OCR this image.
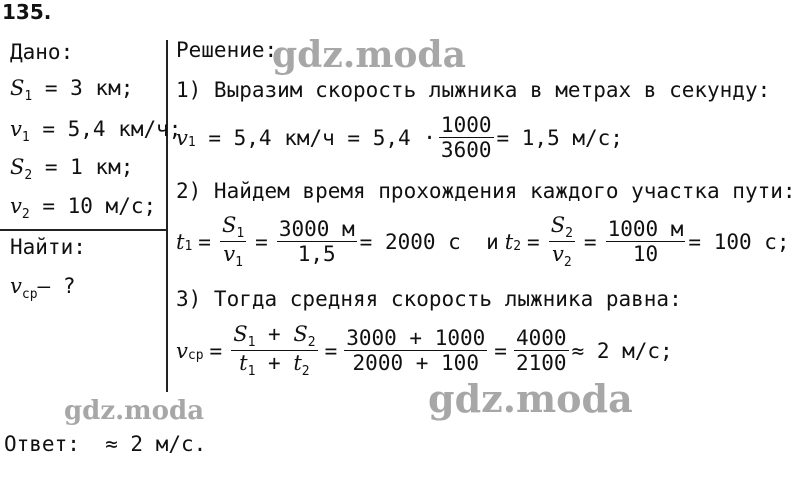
135.
Дано:
$S_1 = 3$ км;
$v_1 = 5,4$ км/ч;
$S_2 = 1$ км;
$v_2 = 10$ м/с;
Найти:
$v_{ср}-$ ?
Решение:
1) Выразим скорость лыжника в метрах в секунду:
v 1 = 5,4 $км/ч = 5,4 \cdot \frac{1000}{3600} = 1,5$ м/с;
2) Найдем время прохождения каждого участка пути:
t $1 = \frac{S_1}{v_1} = \frac{3000 м}{1,5} = 2000$ с  и t $2 = \frac{S_2}{v_2} = \frac{1000 м}{10} = 100$ с;
3) Тогда средняя скорость лыжника равна:
v ср = $\frac{S_1 + S_2}{t_1 + t_2} = \frac{3000 + 1000}{2000 + 100} = \frac{4000}{2100} \approx 2$ м/с;
Ответ:  ≈ 2 м/с.
gdz.moda
gdz.moda	gdz.moda
